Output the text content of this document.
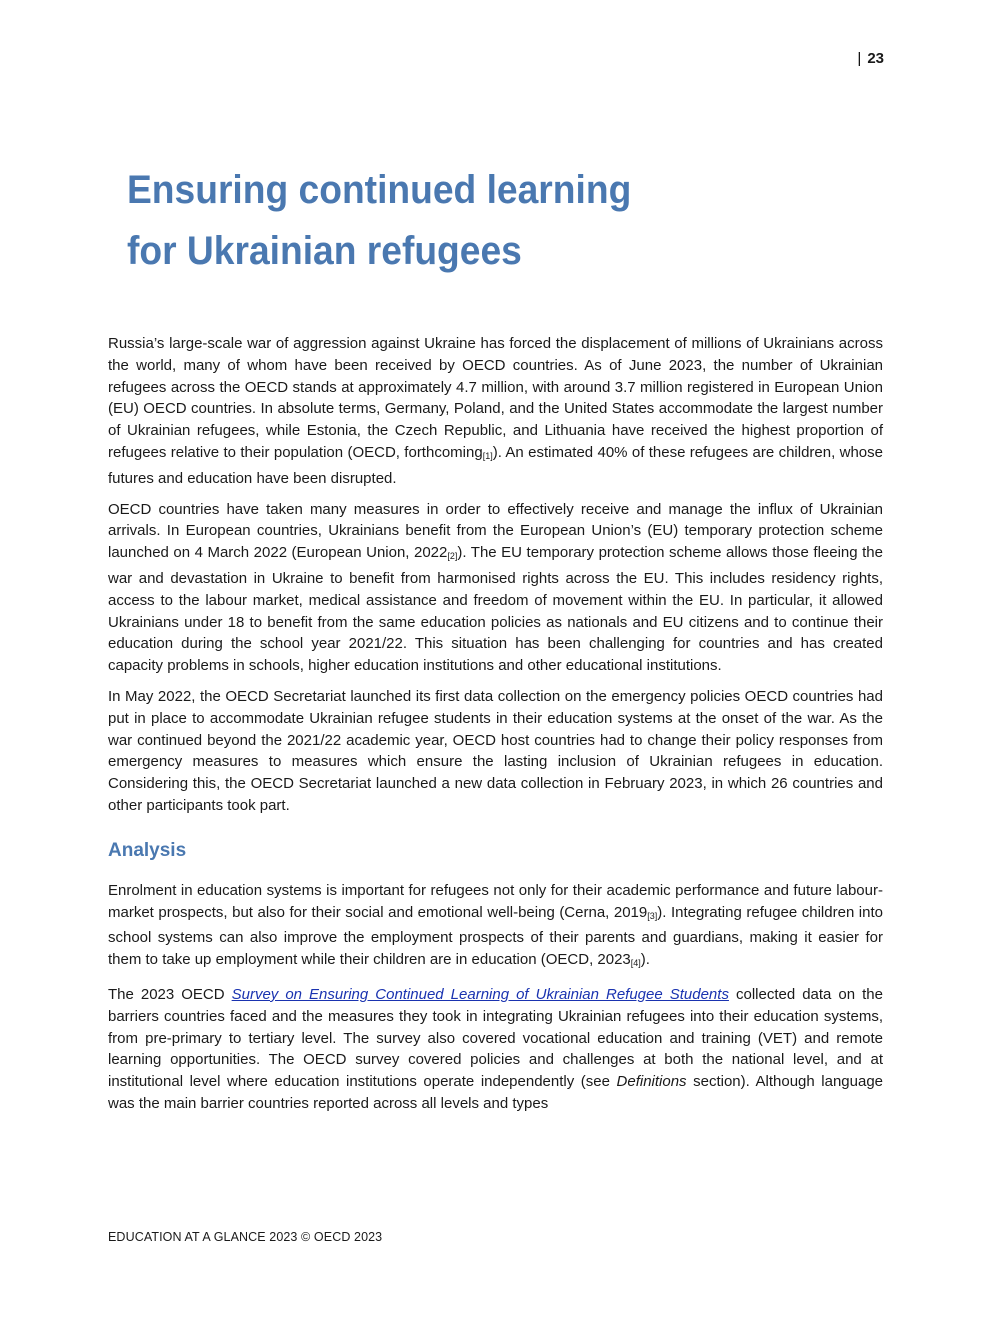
| 23
Ensuring continued learning
for Ukrainian refugees

Russia’s large-scale war of aggression against Ukraine has forced the displacement of millions of Ukrainians across the world, many of whom have been received by OECD countries. As of June 2023, the number of Ukrainian refugees across the OECD stands at approximately 4.7 million, with around 3.7 million registered in European Union (EU) OECD countries. In absolute terms, Germany, Poland, and the United States accommodate the largest number of Ukrainian refugees, while Estonia, the Czech Republic, and Lithuania have received the highest proportion of refugees relative to their population (OECD, forthcoming$_{[1]}$). An estimated 40% of these refugees are children, whose futures and education have been disrupted.

OECD countries have taken many measures in order to effectively receive and manage the influx of Ukrainian arrivals. In European countries, Ukrainians benefit from the European Union’s (EU) temporary protection scheme launched on 4 March 2022 (European Union, $2022_{[2]}$). The EU temporary protection scheme allows those fleeing the war and devastation in Ukraine to benefit from harmonised rights across the EU. This includes residency rights, access to the labour market, medical assistance and freedom of movement within the EU. In particular, it allowed Ukrainians under 18 to benefit from the same education policies as nationals and EU citizens and to continue their education during the school year 2021/22. This situation has been challenging for countries and has created capacity problems in schools, higher education institutions and other educational institutions.

In May 2022, the OECD Secretariat launched its first data collection on the emergency policies OECD countries had put in place to accommodate Ukrainian refugee students in their education systems at the onset of the war. As the war continued beyond the 2021/22 academic year, OECD host countries had to change their policy responses from emergency measures to measures which ensure the lasting inclusion of Ukrainian refugees in education. Considering this, the OECD Secretariat launched a new data collection in February 2023, in which 26 countries and other participants took part.

Analysis

Enrolment in education systems is important for refugees not only for their academic performance and future labour-market prospects, but also for their social and emotional well-being (Cerna, $2019_{[3]}$). Integrating refugee children into school systems can also improve the employment prospects of their parents and guardians, making it easier for them to take up employment while their children are in education (OECD, $2023_{[4]}$).

The 2023 OECD Survey on Ensuring Continued Learning of Ukrainian Refugee Students collected data on the barriers countries faced and the measures they took in integrating Ukrainian refugees into their education systems, from pre-primary to tertiary level. The survey also covered vocational education and training (VET) and remote learning opportunities. The OECD survey covered policies and challenges at both the national level, and at institutional level where education institutions operate independently (see Definitions section). Although language was the main barrier countries reported across all levels and types

EDUCATION AT A GLANCE 2023 © OECD 2023
